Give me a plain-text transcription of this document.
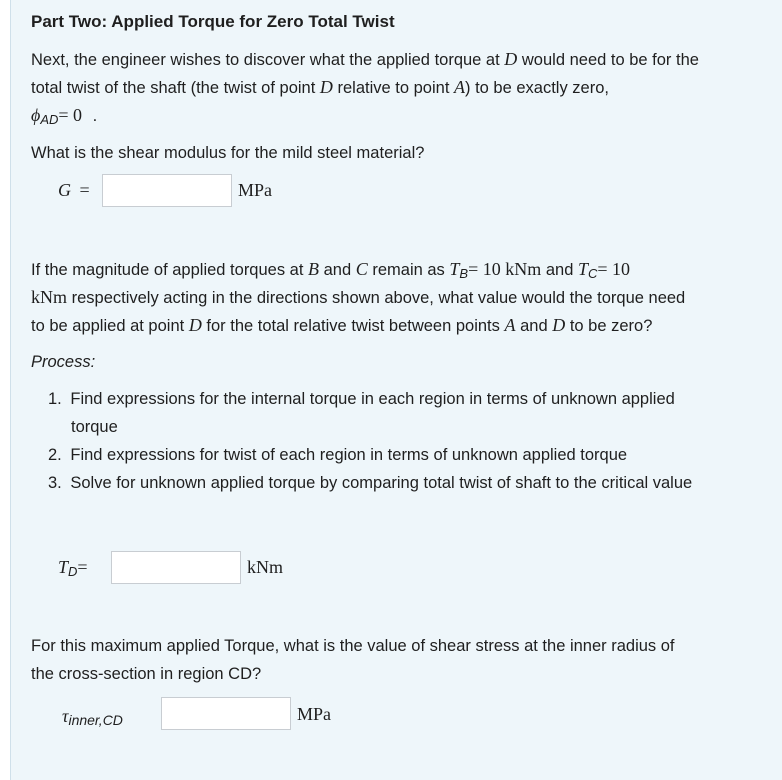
Part Two: Applied Torque for Zero Total Twist
Next, the engineer wishes to discover what the applied torque at D would need to be for the
total twist of the shaft (the twist of point D relative to point A) to be exactly zero,
$\phi_{AD}= 0$ .
What is the shear modulus for the mild steel material?
G =	MPa
If the magnitude of applied torques at B and C remain as $T_B= 10$ kNm and $T_C= 10$
kNm respectively acting in the directions shown above, what value would the torque need
to be applied at point D for the total relative twist between points A and D to be zero?
Process:
1. Find expressions for the internal torque in each region in terms of unknown applied
torque
2. Find expressions for twist of each region in terms of unknown applied torque
3. Solve for unknown applied torque by comparing total twist of shaft to the critical value
$T_D=$	kNm
For this maximum applied Torque, what is the value of shear stress at the inner radius of
the cross-section in region CD?
τinner,CD	MPa
